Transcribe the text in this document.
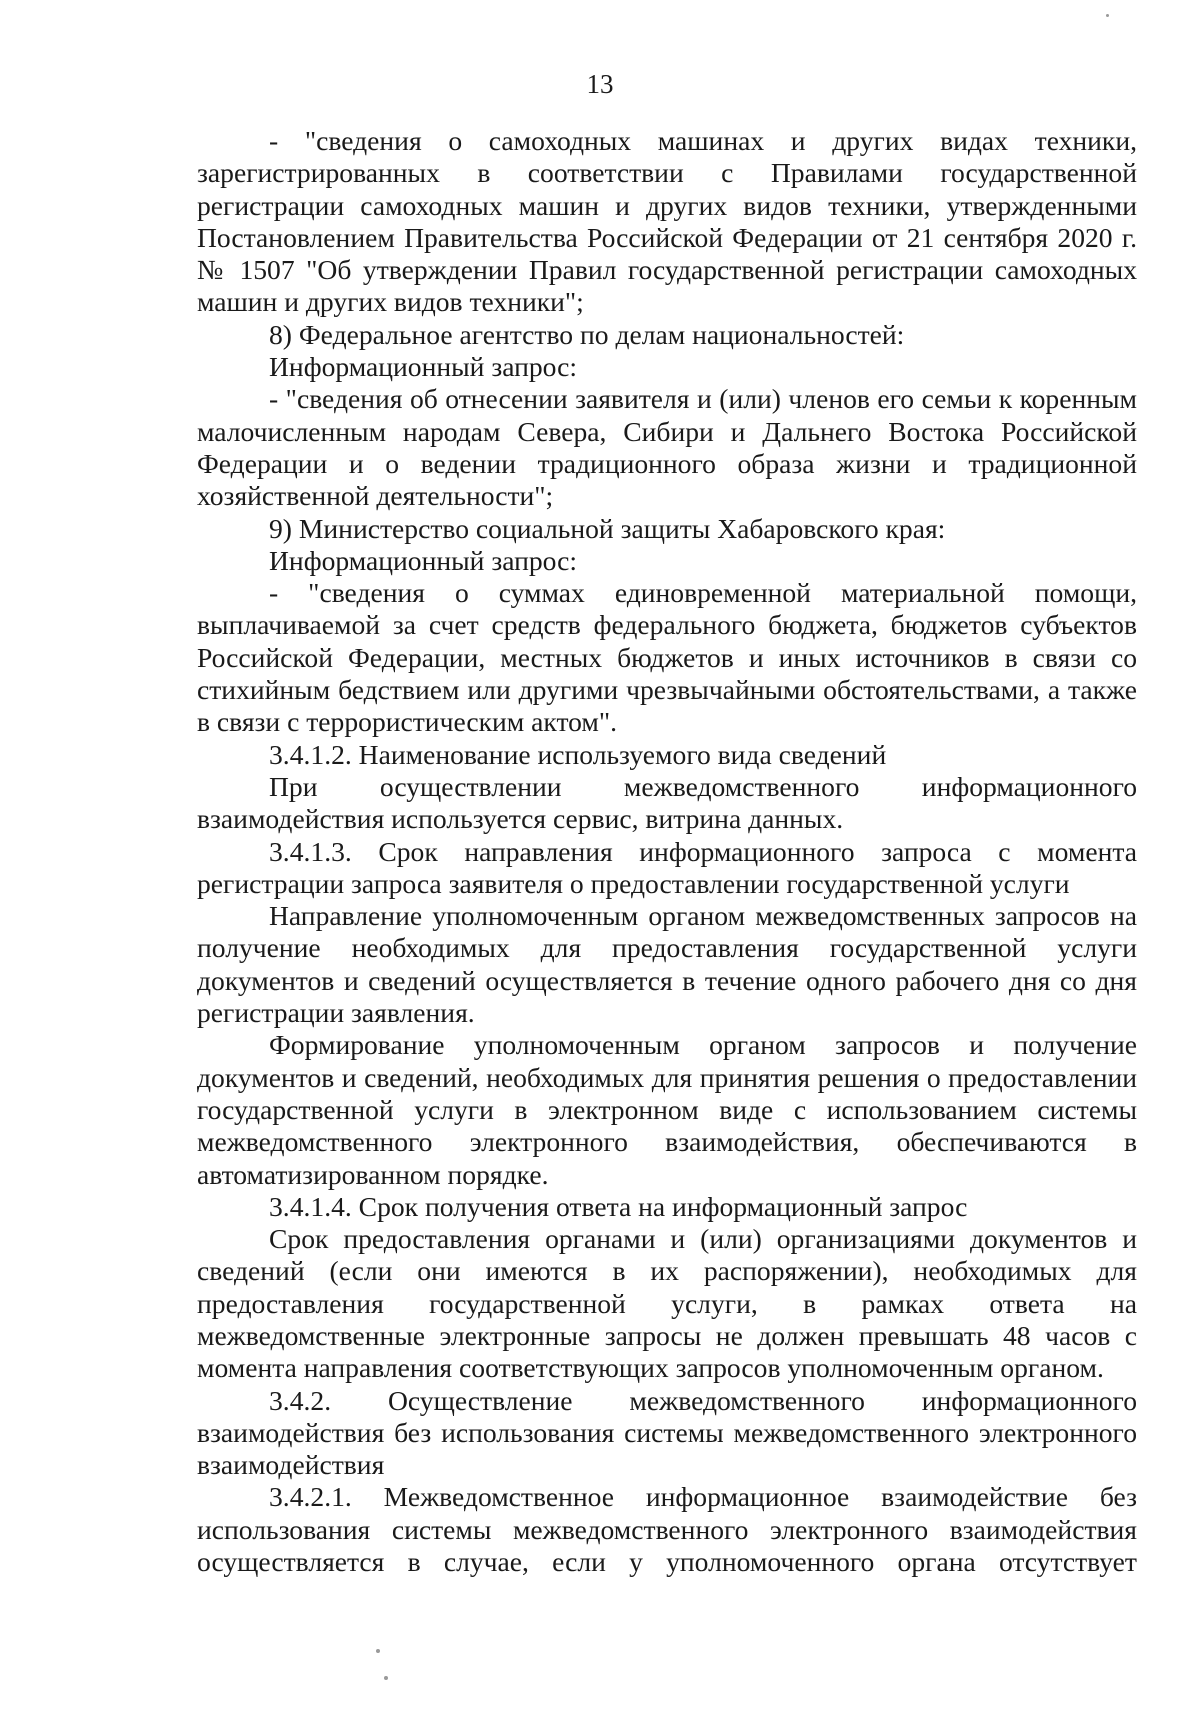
13

- "сведения о самоходных машинах и других видах техники, зарегистрированных в соответствии с Правилами государственной регистрации самоходных машин и других видов техники, утвержденными Постановлением Правительства Российской Федерации от 21 сентября 2020 г. № 1507 "Об утверждении Правил государственной регистрации самоходных машин и других видов техники";

8) Федеральное агентство по делам национальностей:

Информационный запрос:

- "сведения об отнесении заявителя и (или) членов его семьи к коренным малочисленным народам Севера, Сибири и Дальнего Востока Российской Федерации и о ведении традиционного образа жизни и традиционной хозяйственной деятельности";

9) Министерство социальной защиты Хабаровского края:

Информационный запрос:

- "сведения о суммах единовременной материальной помощи, выплачиваемой за счет средств федерального бюджета, бюджетов субъектов Российской Федерации, местных бюджетов и иных источников в связи со стихийным бедствием или другими чрезвычайными обстоятельствами, а также в связи с террористическим актом".

3.4.1.2. Наименование используемого вида сведений

При осуществлении межведомственного информационного взаимодействия используется сервис, витрина данных.

3.4.1.3. Срок направления информационного запроса с момента регистрации запроса заявителя о предоставлении государственной услуги

Направление уполномоченным органом межведомственных запросов на получение необходимых для предоставления государственной услуги документов и сведений осуществляется в течение одного рабочего дня со дня регистрации заявления.

Формирование уполномоченным органом запросов и получение документов и сведений, необходимых для принятия решения о предоставлении государственной услуги в электронном виде с использованием системы межведомственного электронного взаимодействия, обеспечиваются в автоматизированном порядке.

3.4.1.4. Срок получения ответа на информационный запрос

Срок предоставления органами и (или) организациями документов и сведений (если они имеются в их распоряжении), необходимых для предоставления государственной услуги, в рамках ответа на межведомственные электронные запросы не должен превышать 48 часов с момента направления соответствующих запросов уполномоченным органом.

3.4.2. Осуществление межведомственного информационного взаимодействия без использования системы межведомственного электронного взаимодействия

3.4.2.1. Межведомственное информационное взаимодействие без использования системы межведомственного электронного взаимодействия осуществляется в случае, если у уполномоченного органа отсутствует
